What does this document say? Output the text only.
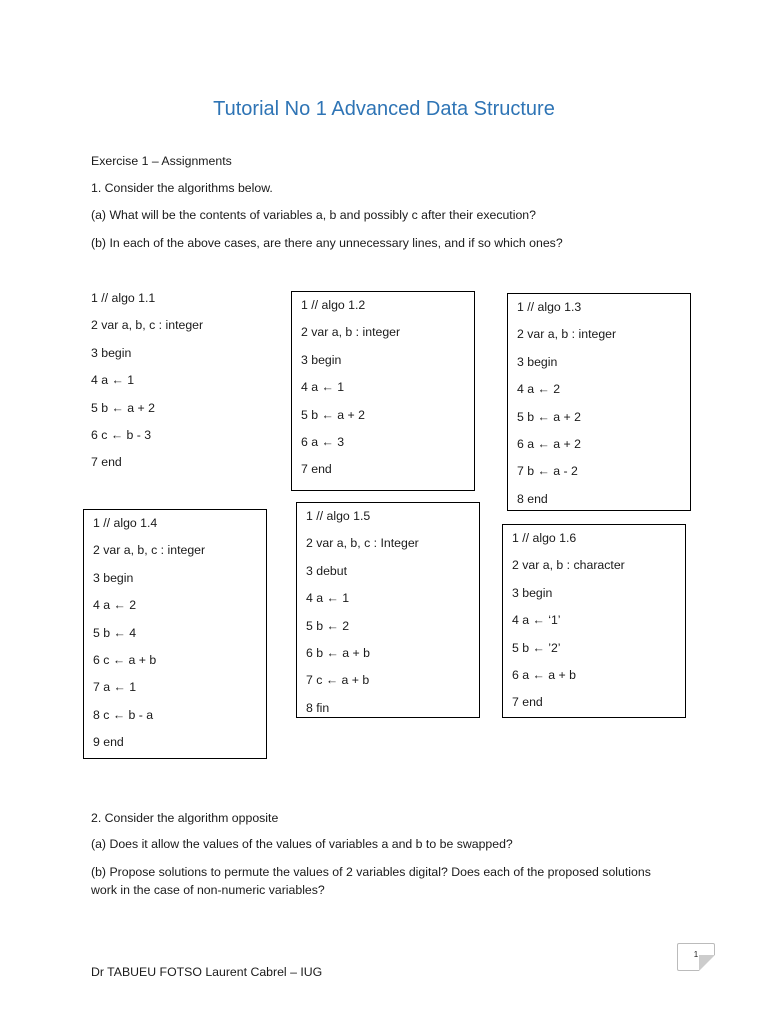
Tutorial No 1 Advanced Data Structure
Exercise 1 – Assignments
1. Consider the algorithms below.
(a) What will be the contents of variables a, b and possibly c after their execution?
(b) In each of the above cases, are there any unnecessary lines, and if so which ones?
1 // algo 1.1
2 var a, b, c : integer
3 begin
4 a ← 1
5 b ← a + 2
6 c ← b - 3
7 end
1 // algo 1.2
2 var a, b : integer
3 begin
4 a ← 1
5 b ← a + 2
6 a ← 3
7 end
1 // algo 1.3
2 var a, b : integer
3 begin
4 a ← 2
5 b ← a + 2
6 a ← a + 2
7 b ← a - 2
8 end
1 // algo 1.4
2 var a, b, c : integer
3 begin
4 a ← 2
5 b ← 4
6 c ← a + b
7 a ← 1
8 c ← b - a
9 end
1 // algo 1.5
2 var a, b, c : Integer
3 debut
4 a ← 1
5 b ← 2
6 b ← a + b
7 c ← a + b
8 fin
1 // algo 1.6
2 var a, b : character
3 begin
4 a ← ‘1’
5 b ← ’2’
6 a ← a + b
7 end
2. Consider the algorithm opposite
(a) Does it allow the values of the values of variables a and b to be swapped?
(b) Propose solutions to permute the values of 2 variables digital? Does each of the proposed solutions work in the case of non-numeric variables?
Dr TABUEU FOTSO Laurent Cabrel – IUG
1
